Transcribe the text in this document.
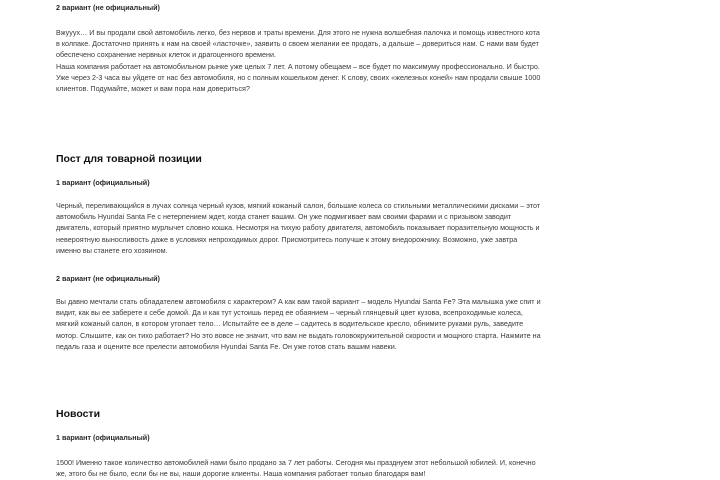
2 вариант (не официальный)

Вжууух… И вы продали свой автомобиль легко, без нервов и траты времени. Для этого не нужна волшебная палочка и помощь известного кота
в колпаке. Достаточно принять к нам на своей «ласточке», заявить о своем желании ее продать, а дальше – довериться нам. С нами вам будет
обеспечено сохранение нервных клеток и драгоценного времени.
Наша компания работает на автомобильном рынке уже целых 7 лет. А потому обещаем – все будет по максимуму профессионально. И быстро.
Уже через 2-3 часа вы уйдете от нас без автомобиля, но с полным кошельком денег. К слову, своих «железных коней» нам продали свыше 1000
клиентов. Подумайте, может и вам пора нам довериться?

Пост для товарной позиции
1 вариант (официальный)

Черный, переливающийся в лучах солнца черный кузов, мягкий кожаный салон, большие колеса со стильными металлическими дисками – этот
автомобиль Hyundai Santa Fe с нетерпением ждет, когда станет вашим. Он уже подмигивает вам своими фарами и с призывом заводит
двигатель, который приятно мурлычет словно кошка. Несмотря на тихую работу двигателя, автомобиль показывает поразительную мощность и
невероятную выносливость даже в условиях непроходимых дорог. Присмотритесь получше к этому внедорожнику. Возможно, уже завтра
именно вы станете его хозяином.

2 вариант (не официальный)

Вы давно мечтали стать обладателем автомобиля с характером? А как вам такой вариант – модель Hyundai Santa Fe? Эта малышка уже спит и
видит, как вы ее заберете к себе домой. Да и как тут устоишь перед ее обаянием – черный глянцевый цвет кузова, всепроходимые колеса,
мягкий кожаный салон, в котором утопает тело… Испытайте ее в деле – садитесь в водительское кресло, обнимите руками руль, заведите
мотор. Слышите, как он тихо работает? Но это вовсе не значит, что вам не выдать головокружительной скорости и мощного старта. Нажмите на
педаль газа и оцените все прелести автомобиля Hyundai Santa Fe. Он уже готов стать вашим навеки.

Новости
1 вариант (официальный)

1500! Именно такое количество автомобилей нами было продано за 7 лет работы. Сегодня мы празднуем этот небольшой юбилей. И, конечно
же, этого бы не было, если бы не вы, наши дорогие клиенты. Наша компания работает только благодаря вам!
